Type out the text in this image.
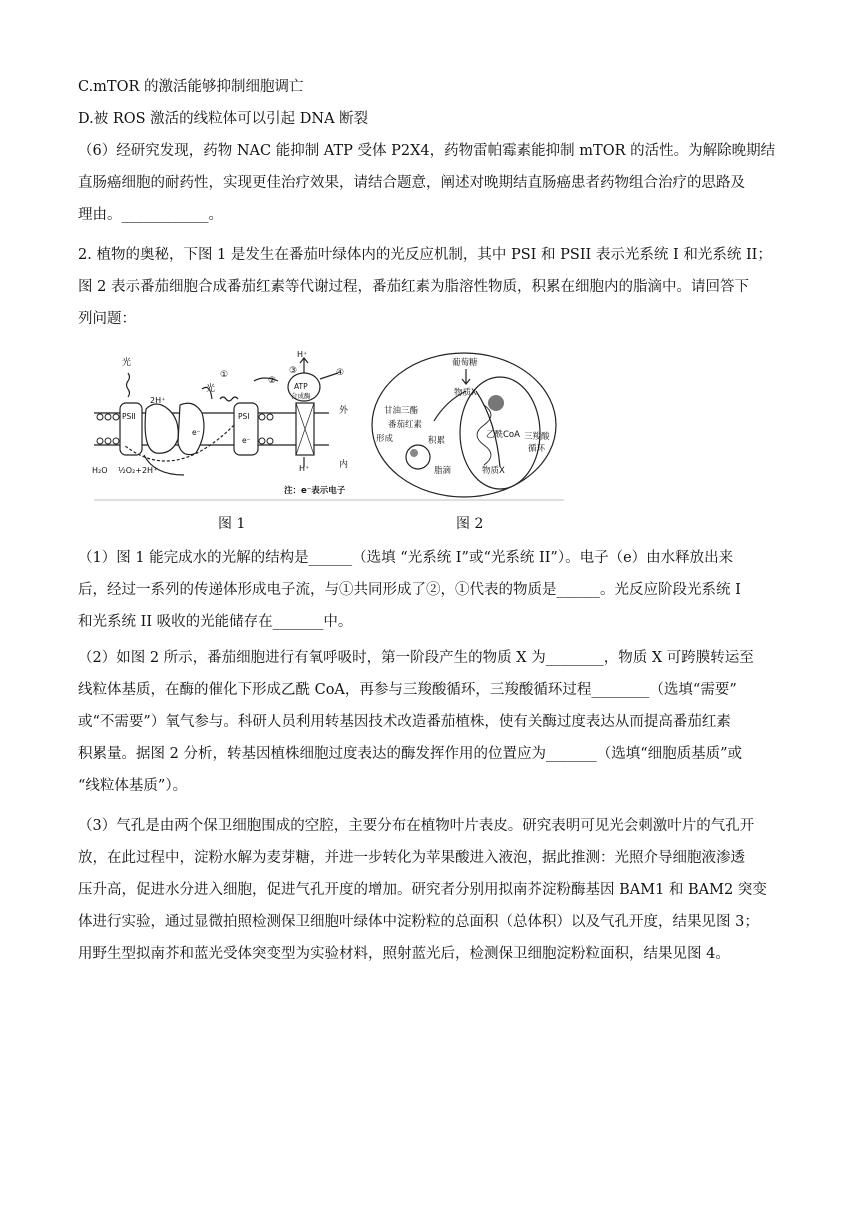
C.mTOR 的激活能够抑制细胞调亡
D.被 ROS 激活的线粒体可以引起 DNA 断裂
（6）经研究发现，药物 NAC 能抑制 ATP 受体 P2X4，药物雷帕霉素能抑制 mTOR 的活性。为解除晚期结
直肠癌细胞的耐药性，实现更佳治疗效果，请结合题意，阐述对晚期结直肠癌患者药物组合治疗的思路及
理由。____________。
2. 植物的奥秘，下图 1 是发生在番茄叶绿体内的光反应机制，其中 PSI 和 PSII 表示光系统 I 和光系统 II；
图 2 表示番茄细胞合成番茄红素等代谢过程，番茄红素为脂溶性物质，积累在细胞内的脂滴中。请回答下
列问题：
光
光
PSII	PSI
2H⁺
H⁺
H⁺
ATP
合成酶
外
内
e⁻
e⁻
H₂O ½O₂+2H⁺
①
②
③	④
注：e⁻表示电子
葡萄糖
物质X
甘油三酯
番茄红素
形成	积累
脂滴
乙酰CoA 三羧酸
循环
物质X
图 1	图 2
（1）图 1 能完成水的光解的结构是______（选填 “光系统 I”或“光系统 II”）。电子（e）由水释放出来
后，经过一系列的传递体形成电子流，与①共同形成了②，①代表的物质是______。光反应阶段光系统 I
和光系统 II 吸收的光能储存在_______中。
（2）如图 2 所示，番茄细胞进行有氧呼吸时，第一阶段产生的物质 X 为________，物质 X 可跨膜转运至
线粒体基质，在酶的催化下形成乙酰 CoA，再参与三羧酸循环，三羧酸循环过程________（选填“需要”
或“不需要”）氧气参与。科研人员利用转基因技术改造番茄植株，使有关酶过度表达从而提高番茄红素
积累量。据图 2 分析，转基因植株细胞过度表达的酶发挥作用的位置应为_______（选填“细胞质基质”或
“线粒体基质”）。
（3）气孔是由两个保卫细胞围成的空腔，主要分布在植物叶片表皮。研究表明可见光会刺激叶片的气孔开
放，在此过程中，淀粉水解为麦芽糖，并进一步转化为苹果酸进入液泡，据此推测：光照介导细胞液渗透
压升高，促进水分进入细胞，促进气孔开度的增加。研究者分别用拟南芥淀粉酶基因 BAM1 和 BAM2 突变
体进行实验，通过显微拍照检测保卫细胞叶绿体中淀粉粒的总面积（总体积）以及气孔开度，结果见图 3；
用野生型拟南芥和蓝光受体突变型为实验材料，照射蓝光后，检测保卫细胞淀粉粒面积，结果见图 4。
